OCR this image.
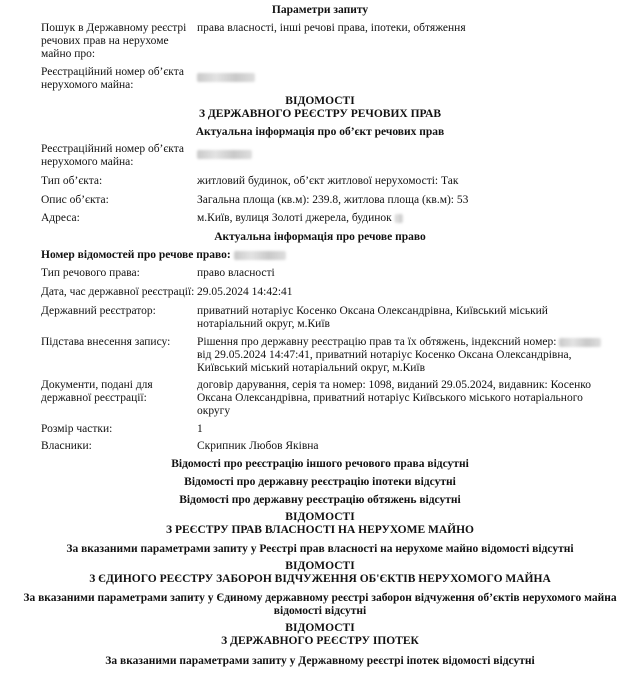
Параметри запиту
Пошук в Державному реєстрі
речових прав на нерухоме
майно про:
права власності, інші речові права, іпотеки, обтяження
Реєстраційний номер об’єкта
нерухомого майна:
ВІДОМОСТІ
З ДЕРЖАВНОГО РЕЄСТРУ РЕЧОВИХ ПРАВ
Актуальна інформація про об’єкт речових прав
Реєстраційний номер об’єкта
нерухомого майна:
Тип об’єкта:	житловий будинок, об’єкт житлової нерухомості: Так
Опис об’єкта:	Загальна площа (кв.м): 239.8, житлова площа (кв.м): 53
Адреса:	м.Київ, вулиця Золоті джерела, будинок
Актуальна інформація про речове право
Номер відомостей про речове право:
Тип речового права:	право власності
Дата, час державної реєстрації: 29.05.2024 14:42:41
Державний реєстратор:	приватний нотаріус Косенко Оксана Олександрівна, Київський міський
нотаріальний округ, м.Київ
Підстава внесення запису: Рішення про державну реєстрацію прав та їх обтяжень, індексний номер:
від 29.05.2024 14:47:41, приватний нотаріус Косенко Оксана Олександрівна,
Київський міський нотаріальний округ, м.Київ
Документи, подані для
державної реєстрації:
договір дарування, серія та номер: 1098, виданий 29.05.2024, видавник: Косенко
Оксана Олександрівна, приватний нотаріус Київського міського нотаріального
округу
Розмір частки:	1
Власники:	Скрипник Любов Яківна
Відомості про реєстрацію іншого речового права відсутні
Відомості про державну реєстрацію іпотеки відсутні
Відомості про державну реєстрацію обтяжень відсутні
ВІДОМОСТІ
З РЕЄСТРУ ПРАВ ВЛАСНОСТІ НА НЕРУХОМЕ МАЙНО
За вказаними параметрами запиту у Реєстрі прав власності на нерухоме майно відомості відсутні
ВІДОМОСТІ
З ЄДИНОГО РЕЄСТРУ ЗАБОРОН ВІДЧУЖЕННЯ ОБ'ЄКТІВ НЕРУХОМОГО МАЙНА
За вказаними параметрами запиту у Єдиному державному реєстрі заборон відчуження об’єктів нерухомого майна
відомості відсутні
ВІДОМОСТІ
З ДЕРЖАВНОГО РЕЄСТРУ ІПОТЕК
За вказаними параметрами запиту у Державному реєстрі іпотек відомості відсутні
